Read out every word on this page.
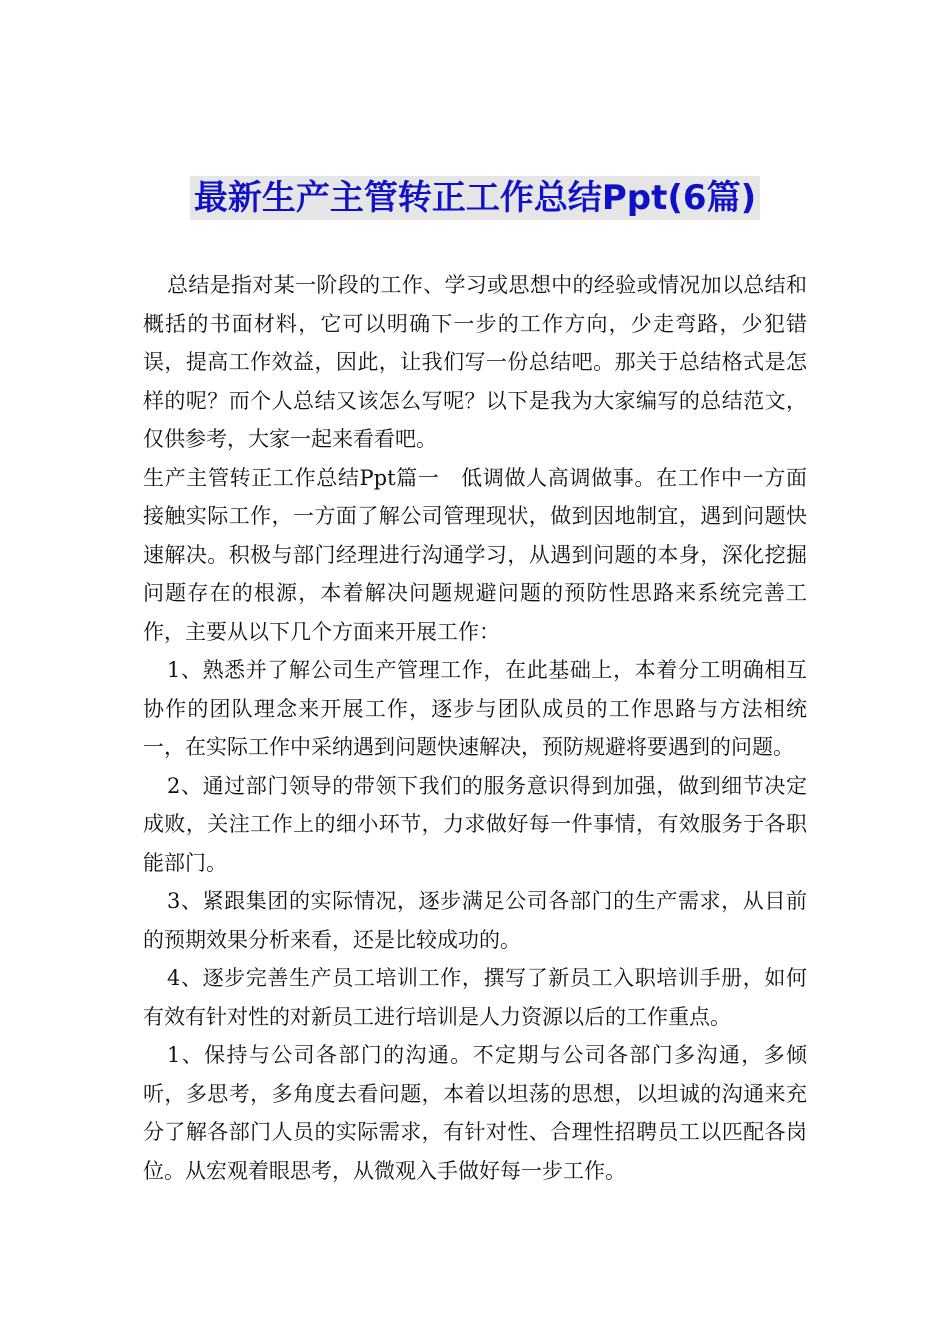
最新生产主管转正工作总结Ppt(6篇)

总结是指对某一阶段的工作、学习或思想中的经验或情况加以总结和概括的书面材料，它可以明确下一步的工作方向，少走弯路，少犯错误，提高工作效益，因此，让我们写一份总结吧。那关于总结格式是怎样的呢？而个人总结又该怎么写呢？以下是我为大家编写的总结范文，仅供参考，大家一起来看看吧。

生产主管转正工作总结Ppt篇一　低调做人高调做事。在工作中一方面接触实际工作，一方面了解公司管理现状，做到因地制宜，遇到问题快速解决。积极与部门经理进行沟通学习，从遇到问题的本身，深化挖掘问题存在的根源，本着解决问题规避问题的预防性思路来系统完善工作，主要从以下几个方面来开展工作：

1、熟悉并了解公司生产管理工作，在此基础上，本着分工明确相互协作的团队理念来开展工作，逐步与团队成员的工作思路与方法相统一，在实际工作中采纳遇到问题快速解决，预防规避将要遇到的问题。

2、通过部门领导的带领下我们的服务意识得到加强，做到细节决定成败，关注工作上的细小环节，力求做好每一件事情，有效服务于各职能部门。

3、紧跟集团的实际情况，逐步满足公司各部门的生产需求，从目前的预期效果分析来看，还是比较成功的。

4、逐步完善生产员工培训工作，撰写了新员工入职培训手册，如何有效有针对性的对新员工进行培训是人力资源以后的工作重点。

1、保持与公司各部门的沟通。不定期与公司各部门多沟通，多倾听，多思考，多角度去看问题，本着以坦荡的思想，以坦诚的沟通来充分了解各部门人员的实际需求，有针对性、合理性招聘员工以匹配各岗位。从宏观着眼思考，从微观入手做好每一步工作。
